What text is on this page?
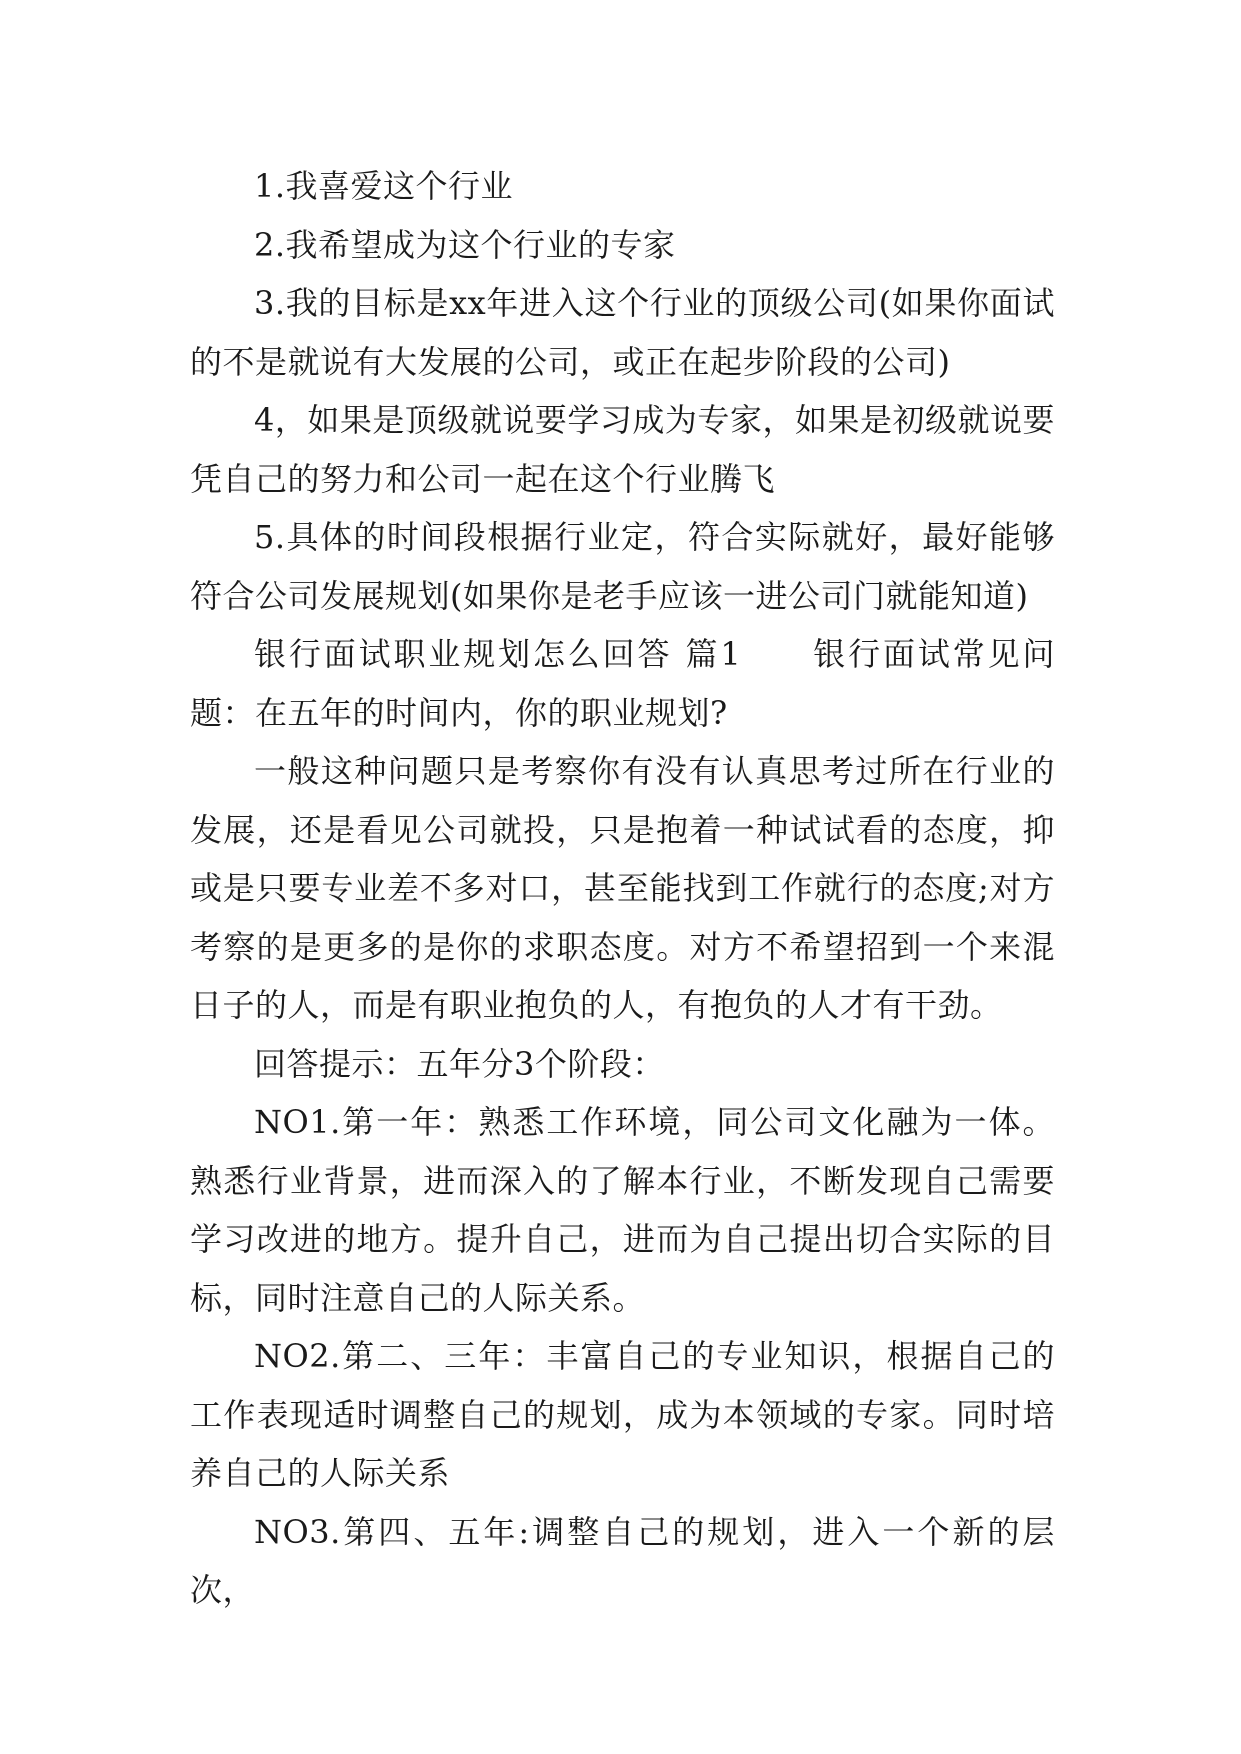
1.我喜爱这个行业

2.我希望成为这个行业的专家

3.我的目标是xx年进入这个行业的顶级公司(如果你面试的不是就说有大发展的公司，或正在起步阶段的公司)

4，如果是顶级就说要学习成为专家，如果是初级就说要凭自己的努力和公司一起在这个行业腾飞

5.具体的时间段根据行业定，符合实际就好，最好能够符合公司发展规划(如果你是老手应该一进公司门就能知道)

银行面试职业规划怎么回答 篇1　　银行面试常见问题：在五年的时间内，你的职业规划?

一般这种问题只是考察你有没有认真思考过所在行业的发展，还是看见公司就投，只是抱着一种试试看的态度，抑或是只要专业差不多对口，甚至能找到工作就行的态度;对方考察的是更多的是你的求职态度。对方不希望招到一个来混日子的人，而是有职业抱负的人，有抱负的人才有干劲。

回答提示：五年分3个阶段：

NO1.第一年：熟悉工作环境，同公司文化融为一体。熟悉行业背景，进而深入的了解本行业，不断发现自己需要学习改进的地方。提升自己，进而为自己提出切合实际的目标，同时注意自己的人际关系。

NO2.第二、三年：丰富自己的专业知识，根据自己的工作表现适时调整自己的规划，成为本领域的专家。同时培养自己的人际关系

NO3.第四、五年:调整自己的规划，进入一个新的层次，
